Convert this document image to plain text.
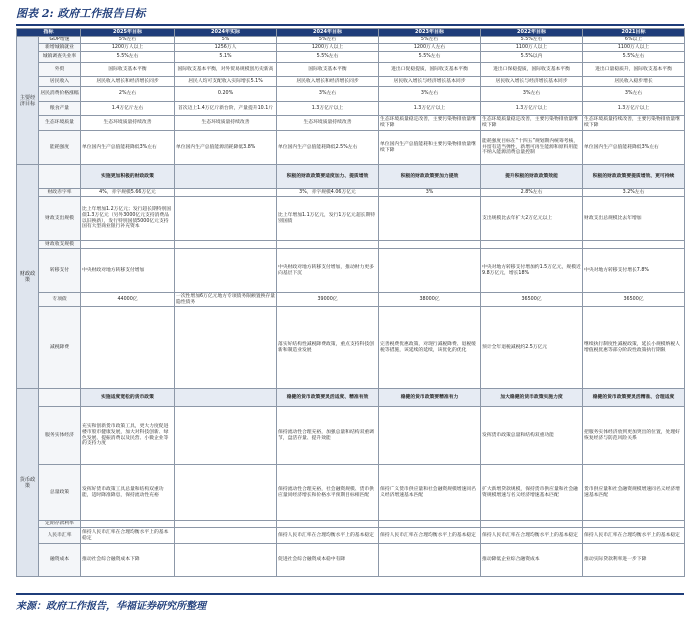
图表 2: 政府工作报告目标
指标		2025年目标	2024年实际	2024年目标	2023年目标	2022年目标	2021目标
主要经济目标	GDP增速	5%左右	5%	5%左右	5%左右	5.5%左右	6%以上
	新增城镇就业	1200万人以上	1256万人	1200万人以上	1200万人左右	1100万人以上	1100万人以上
	城镇调查失业率	5.5%左右	5.1%	5.5%左右	5.5%左右	5.5%以内	5.5%左右
	外贸	国际收支基本平衡	国际收支基本平衡，对外贸易规模创历史新高	国际收支基本平衡	进出口促稳提质，国际收支基本平衡	进出口保稳提质，国际收支基本平衡	进出口量稳质升，国际收支基本平衡
	居民收入	居民收入增长和经济增长同步	居民人均可支配收入实际增长5.1%	居民收入增长和经济增长同步	居民收入增长与经济增长基本同步	居民收入增长与经济增长基本同步	居民收入稳步增长
	居民消费价格涨幅	2%左右	0.20%	3%左右	3%左右	3%左右	3%左右
	粮食产量	1.4万亿斤左右	首次迈上1.4万亿斤新台阶，产量提升10.1斤	1.3万亿斤以上	1.3万亿斤以上	1.3万亿斤以上	1.3万亿斤以上
	生态环境质量	生态环境质量持续改善	生态环境质量持续改善	生态环境质量持续改善	生态环境质量稳定改善，主要污染物排放量继续下降	生态环境质量稳定改善，主要污染物排放量继续下降	生态环境质量持续改善，主要污染物排放量继续下降
	能耗强度	单位国内生产总值能耗降低3%左右	单位国内生产总值能源消耗降低3.8%	单位国内生产总值能耗降低2.5%左右	单位国内生产总值能耗和主要污染物排放量继续下降	能耗强度目标在“十四五”规划期内统筹考核，并留有适当弹性，新增可再生能源和原料用能不纳入能源消费总量控制	单位国内生产总值能耗降低3%左右
财政政策		实施更加积极的财政政策		积极的财政政策要适度加力、提质增效	积极的财政政策要加力提效	提升积极的财政政策效能	积极的财政政策要提质增效、更可持续
	财政赤字率	4%，赤字规模5.66万亿元		3%，赤字规模4.06万亿元	3%	2.8%左右	3.2%左右
	财政支出规模	比上年增加1.2万亿元；发行超长期特别国债1.3万亿元（另外3000亿元支持消费品以旧换新），发行特别国债5000亿元支持国有大型商业银行补充资本		比上年增加1.1万亿元，发行1万亿元超长期特别国债		支出规模比去年扩大2万亿元以上	财政支出总规模比去年增加
	财政收支规模						
	转移支付	中央财政对地方转移支付增加		中央财政对地方转移支付增加，推动财力更多向基层下沉		中央对地方转移支付增加约1.5万亿元，规模近9.8万亿元，增长18%	中央对地方转移支付增长7.8%
	专项债	44000亿	一次性增加6万亿元地方专项债务限额置换存量隐性债务	39000亿	38000亿	36500亿	36500亿
	减税降费			落实好结构性减税降费政策，重点支持科技创新和制造业发展	完善税费优惠政策，对现行减税降费、退税缓税等措施，该延续的延续，该优化的优化	预计全年退税减税约2.5万亿元	继续执行制度性减税政策，延长小规模纳税人增值税优惠等部分阶段性政策执行期限
货币政策		实施适度宽松的货币政策		稳健的货币政策要灵活适度、精准有效	稳健的货币政策要精准有力	加大稳健的货币政策实施力度	稳健的货币政策要灵活精准、合理适度
	服务实体经济	充实和创新货币政策工具，更大力度促进楼市股市健康发展，加大对科技创新、绿色发展、提振消费以及民营、小微企业等的支持力度		保持流动性合理充裕，加强总量和结构双重调节，盘活存量、提升效能		发挥货币政策总量和结构双重功能	把服务实体经济放到更加突出的位置，处理好恢复经济与防范风险关系
	总量政策	发挥好货币政策工具总量和结构双重功能，适时降准降息，保持流动性充裕		保持流动性合理充裕，社会融资规模、货币供应量同经济增长和价格水平预期目标相匹配	保持广义货币供应量和社会融资规模增速同名义经济增速基本匹配	扩大新增贷款规模，保持货币供应量和社会融资规模增速与名义经济增速基本匹配	货币供应量和社会融资规模增速同名义经济增速基本匹配
	定期存款利率						
	人民币汇率	保持人民币汇率在合理均衡水平上的基本稳定		保持人民币汇率在合理均衡水平上的基本稳定	保持人民币汇率在合理均衡水平上的基本稳定	保持人民币汇率在合理均衡水平上的基本稳定	保持人民币汇率在合理均衡水平上的基本稳定
	融资成本	推动社会综合融资成本下降		促进社会综合融资成本稳中有降		推动降低企业综合融资成本	推动实际贷款利率进一步下降
来源：政府工作报告，华福证券研究所整理
